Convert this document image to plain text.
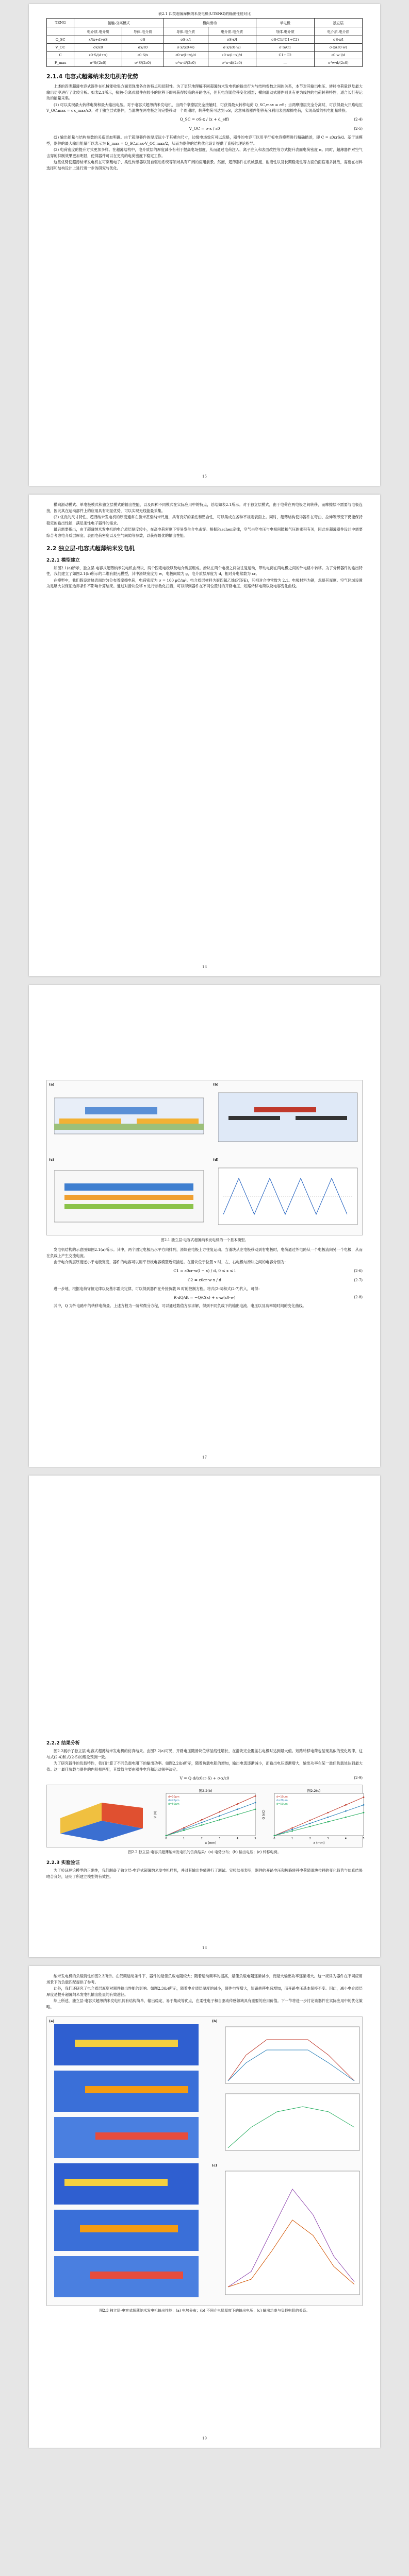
表2.1 四类超薄摩擦纳米发电机(UTENG)的输出性能对比
TENG	接触-分离模式		横向滑动		单电极	独立层
	电介质-电介质	导体-电介质	导体-电介质	电介质-电介质	导体-电介质	电介质-电介质
Q_SC	x/(x+d)·σS	σS	σS·x/l	σS·x/l	σS·C1/(C1+C2)	σS·x/l
V_OC	σx/ε0	σx/ε0	σ·x/(ε0·w)	σ·x/(ε0·w)	σ·S/C1	σ·x/(ε0·w)
C	ε0·S/(d+x)	ε0·S/x	ε0·w(l−x)/d	ε0·w(l−x)/d	C1+C2	ε0·w·l/d
F_max	σ²S/(2ε0)	σ²S/(2ε0)	σ²w·d/(2ε0)	σ²w·d/(2ε0)	—	σ²w·d/(2ε0)
2.1.4 电容式超薄纳米发电机的优势

上述的四类超薄电容式器件在机械能收集方面表现出各自的特点和局限性。为了更好地理解不同超薄纳米发电机的输出行为与结构参数之间的关系，本节对其输出电压、转移电荷量以及最大输出功率进行了比较分析。如表2.1所示，接触-分离式器件在较小的位移下即可获得较高的开路电压，但其电容随位移变化剧烈；横向滑动式器件则具有更为线性的电荷转移特性，适合长行程运动的能量采集。

(1) 可以实现最大转移电荷和最大输出电压。对于电容式超薄纳米发电机，当两个摩擦层完全接触时，可获得最大转移电荷 Q_SC,max = σS；当两摩擦层完全分离时，可获得最大开路电压 V_OC,max = σx_max/ε0。对于独立层式器件，当滑块在两电极之间完整移动一个周期时，转移电荷可达到 σS，这意味着器件能够充分利用表面摩擦电荷，实现高效的机电能量转换。

Q_SC = σS·x / (x + d_eff)	(2-4)
V_OC = σ·x / ε0	(2-5)

(2) 输出能量与结构参数的关系更加明确。由于超薄器件的厚度远小于其横向尺寸，边缘电场效应可以忽略，器件的电容可以用平行板电容模型进行精确描述，即 C = ε0εrS/d。基于该模型，器件的最大输出能量可以表示为 E_max = Q_SC,max·V_OC,max/2，从而为器件的结构优化设计提供了直接的理论指导。

(3) 电荷密度的提升方式更加多样。在超薄结构中，电介质层的厚度减小有利于提高电场强度，从而通过电荷注入、离子注入和表面改性等方式提升表面电荷密度 σ。同时，超薄器件对空气击穿的抑制效果更加明显，使得器件可以在更高的电荷密度下稳定工作。

这些优势使超薄纳米发电机在可穿戴电子、柔性传感器以及自驱动系统等领域具有广阔的应用前景。然而，超薄器件在机械强度、耐磨性以及长期稳定性等方面仍面临诸多挑战，需要在材料选择和结构设计上进行进一步的研究与优化。

15

横向滑动模式、单电极模式和独立层模式的输出性能，以及四种不同模式在实际应用中的特点，总结如表2.1所示。对于独立层模式，由于电荷在两电极之间转移，而摩擦层不需要与电极连接，因此其在运动部件上的应用具有明显优势，可以实现无线能量采集。

(2) 优良的尺寸特性。超薄纳米发电机的厚度通常在微米甚至纳米尺度，具有良好的柔性和贴合性，可以集成在各种不规则表面上。同时，超薄结构使得器件在弯曲、拉伸等形变下仍能保持稳定的输出性能，满足柔性电子器件的需求。

最后需要指出，由于超薄纳米发电机的电介质层厚度较小，在高电荷密度下容易发生介电击穿。根据Paschen定律，空气击穿电压与电极间隙和气压的乘积有关，因此在超薄器件设计中需要综合考虑电介质层厚度、表面电荷密度以及空气间隙等参数，以获得最优的输出性能。

2.2 独立层-电容式超薄纳米发电机
2.2.1 模型建立

如图2.1(a)所示，独立层-电容式超薄纳米发电机由滑块、两个固定电极以及电介质层组成。滑块在两个电极之间做往复运动，带动电荷在两电极之间的外电路中转移。为了分析器件的输出特性，我们建立了如图2.1(b)所示的二维有限元模型，其中滑块宽度为 w，电极间隙为 g，电介质层厚度为 d，相对介电常数为 εr。

在模型中，我们假设滑块表面均匀分布着摩擦电荷，电荷密度为 σ = 100 μC/m²。电介质层材料为聚四氟乙烯(PTFE)，其相对介电常数为 2.1。电极材料为铜，忽略其厚度。空气区域设置为足够大以保证边界条件不影响计算结果。通过对滑块位移 x 进行参数化扫描，可以得到器件在不同位置时的开路电压、短路转移电荷以及电容变化曲线。

16
(a)	(b)
(c)	(d)
图2.1 独立层-电容式超薄纳米发电机的一个基本模型。

发电机结构的示意图如图2.1(a)所示。其中，两个固定电极沿水平方向排列，滑块在电极上方往复运动。当滑块从左电极移动到右电极时，电荷通过外电路从一个电极流向另一个电极，从而在负载上产生交流电流。

由于电介质层厚度远小于电极宽度，器件的电容可以用平行板电容模型近似描述。在滑块位于位置 x 时，左、右电极与滑块之间的电容分别为：

C1 = ε0εr·w(l − x) / d, 0 ≤ x ≤ l	(2-6)
C2 = ε0εr·w·x / d	(2-7)

进一步地，根据电荷守恒定律以及基尔霍夫定律，可以得到器件在外接负载 R 时的控制方程。将式(2-6)和式(2-7)代入，可得：

R·dQ/dt = −Q/C(x) + σ·x/(ε0·w)	(2-8)

其中，Q 为外电路中的转移电荷量。上述方程为一阶常微分方程，可以通过数值方法求解，得到不同负载下的输出电流、电压以及功率随时间的变化曲线。

17
2.2.2 结果分析

图2.2展示了独立层-电容式超薄纳米发电机的仿真结果。由图2.2(a)可见，开路电压随滑块位移呈线性增长，在滑块完全覆盖右电极时达到最大值。短路转移电荷也呈现类似的变化规律，这与式(2-4)和式(2-5)的理论预测一致。

为了研究器件的负载特性，我们计算了不同负载电阻下的输出功率。如图2.2(b)所示，随着负载电阻的增加，输出电流逐渐减小，而输出电压逐渐增大，输出功率在某一最佳负载处达到最大值。这一最佳负载与器件的内阻相匹配，其数值主要由器件电容和运动频率决定。

V = Q·d/(ε0εr·S) + σ·x/ε0	(2-9)
图2.2(b)
x (mm)
V (V)
0	1	2	3	4	5
d=10μm
d=20μm
d=50μm
图2.2(c)
x (mm)
Q (nC)
0	1	2	3	4	5
d=10μm
d=20μm
d=50μm
图2.2 独立层-电容式超薄纳米发电机的仿真结果：(a) 电势分布；(b) 输出电压；(c) 转移电荷。
2.2.3 实验验证

为了验证理论模型的正确性，我们制备了独立层-电容式超薄纳米发电机样机，并对其输出性能进行了测试。实验结果表明，器件的开路电压和短路转移电荷随滑块位移的变化趋势与仿真结果吻合良好，证明了所建立模型的有效性。

18

纳米发电机的负载特性如图2.3所示。在低频运动条件下，器件的最佳负载电阻较大；随着运动频率的提高，最佳负载电阻逐渐减小，而最大输出功率逐渐增大。这一规律为器件在不同应用场景下的负载匹配提供了参考。

此外，我们还研究了电介质层厚度对器件输出性能的影响。如图2.3(b)所示，随着电介质层厚度的减小，器件电容增大，短路转移电荷增加，而开路电压基本保持不变。因此，减小电介质层厚度是提升超薄纳米发电机输出能量的有效途径。

综上所述，独立层-电容式超薄纳米发电机具有结构简单、输出稳定、易于集成等优点，在柔性电子和自驱动传感领域具有重要的应用价值。下一节将进一步讨论该器件在实际应用中的优化策略。

(a)	(b)
(c)
图2.3 独立层-电容式超薄纳米发电机输出性能：(a) 电势分布；(b) 不同介电层厚度下的输出电压；(c) 输出功率与负载电阻的关系。
19
